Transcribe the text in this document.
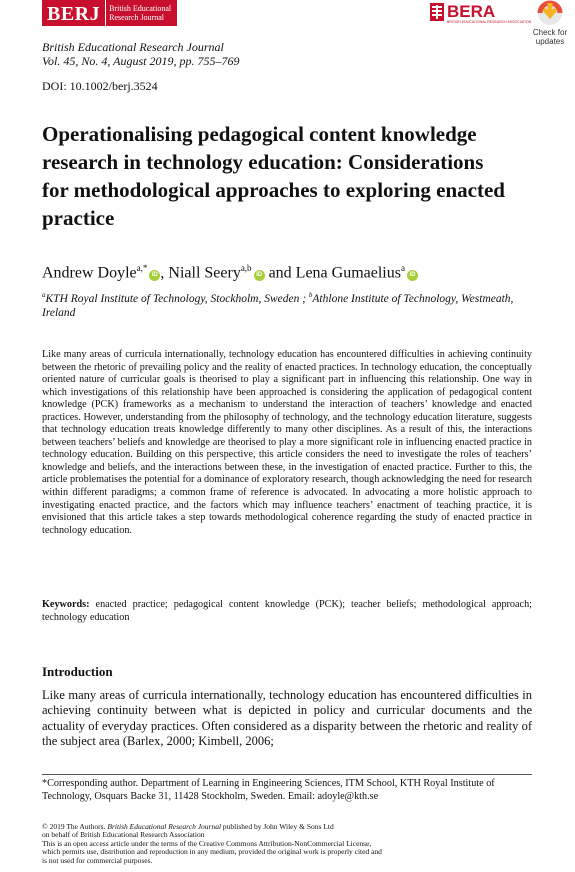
BERJ	British Educational
Research Journal	BERA
BRITISH EDUCATIONAL RESEARCH ASSOCIATION
Check for
updates
British Educational Research Journal
Vol. 45, No. 4, August 2019, pp. 755–769
DOI: 10.1002/berj.3524
Operationalising pedagogical content knowledge research in technology education: Considerations for methodological approaches to exploring enacted practice
Andrew Doyle$^{a,*}$iD , Niall Seery$^{a,b}$iD and Lena Gumaelius$^a$iD
$^a$KTH Royal Institute of Technology, Stockholm, Sweden ; $^b$Athlone Institute of Technology, Westmeath, Ireland

Like many areas of curricula internationally, technology education has encountered difficulties in achieving continuity between the rhetoric of prevailing policy and the reality of enacted practices. In technology education, the conceptually oriented nature of curricular goals is theorised to play a significant part in influencing this relationship. One way in which investigations of this relationship have been approached is considering the application of pedagogical content knowledge (PCK) frameworks as a mechanism to understand the interaction of teachers’ knowledge and enacted practices. However, understanding from the philosophy of technology, and the technology education literature, suggests that technology education treats knowledge differently to many other disciplines. As a result of this, the interactions between teachers’ beliefs and knowledge are theorised to play a more significant role in influencing enacted practice in technology education. Building on this perspective, this article considers the need to investigate the roles of teachers’ knowledge and beliefs, and the interactions between these, in the investigation of enacted practice. Further to this, the article problematises the potential for a dominance of exploratory research, though acknowledging the need for research within different paradigms; a common frame of reference is advocated. In advocating a more holistic approach to investigating enacted practice, and the factors which may influence teachers’ enactment of teaching practice, it is envisioned that this article takes a step towards methodological coherence regarding the study of enacted practice in technology education.

Keywords: enacted practice; pedagogical content knowledge (PCK); teacher beliefs; methodological approach; technology education
Introduction

Like many areas of curricula internationally, technology education has encountered difficulties in achieving continuity between what is depicted in policy and curricular documents and the actuality of everyday practices. Often considered as a disparity between the rhetoric and reality of the subject area (Barlex, 2000; Kimbell, 2006;

*Corresponding author. Department of Learning in Engineering Sciences, ITM School, KTH Royal Institute of Technology, Osquars Backe 31, 11428 Stockholm, Sweden. Email: adoyle@kth.se
© 2019 The Authors. British Educational Research Journal published by John Wiley & Sons Ltd
on behalf of British Educational Research Association
This is an open access article under the terms of the Creative Commons Attribution-NonCommercial License,
which permits use, distribution and reproduction in any medium, provided the original work is properly cited and
is not used for commercial purposes.
